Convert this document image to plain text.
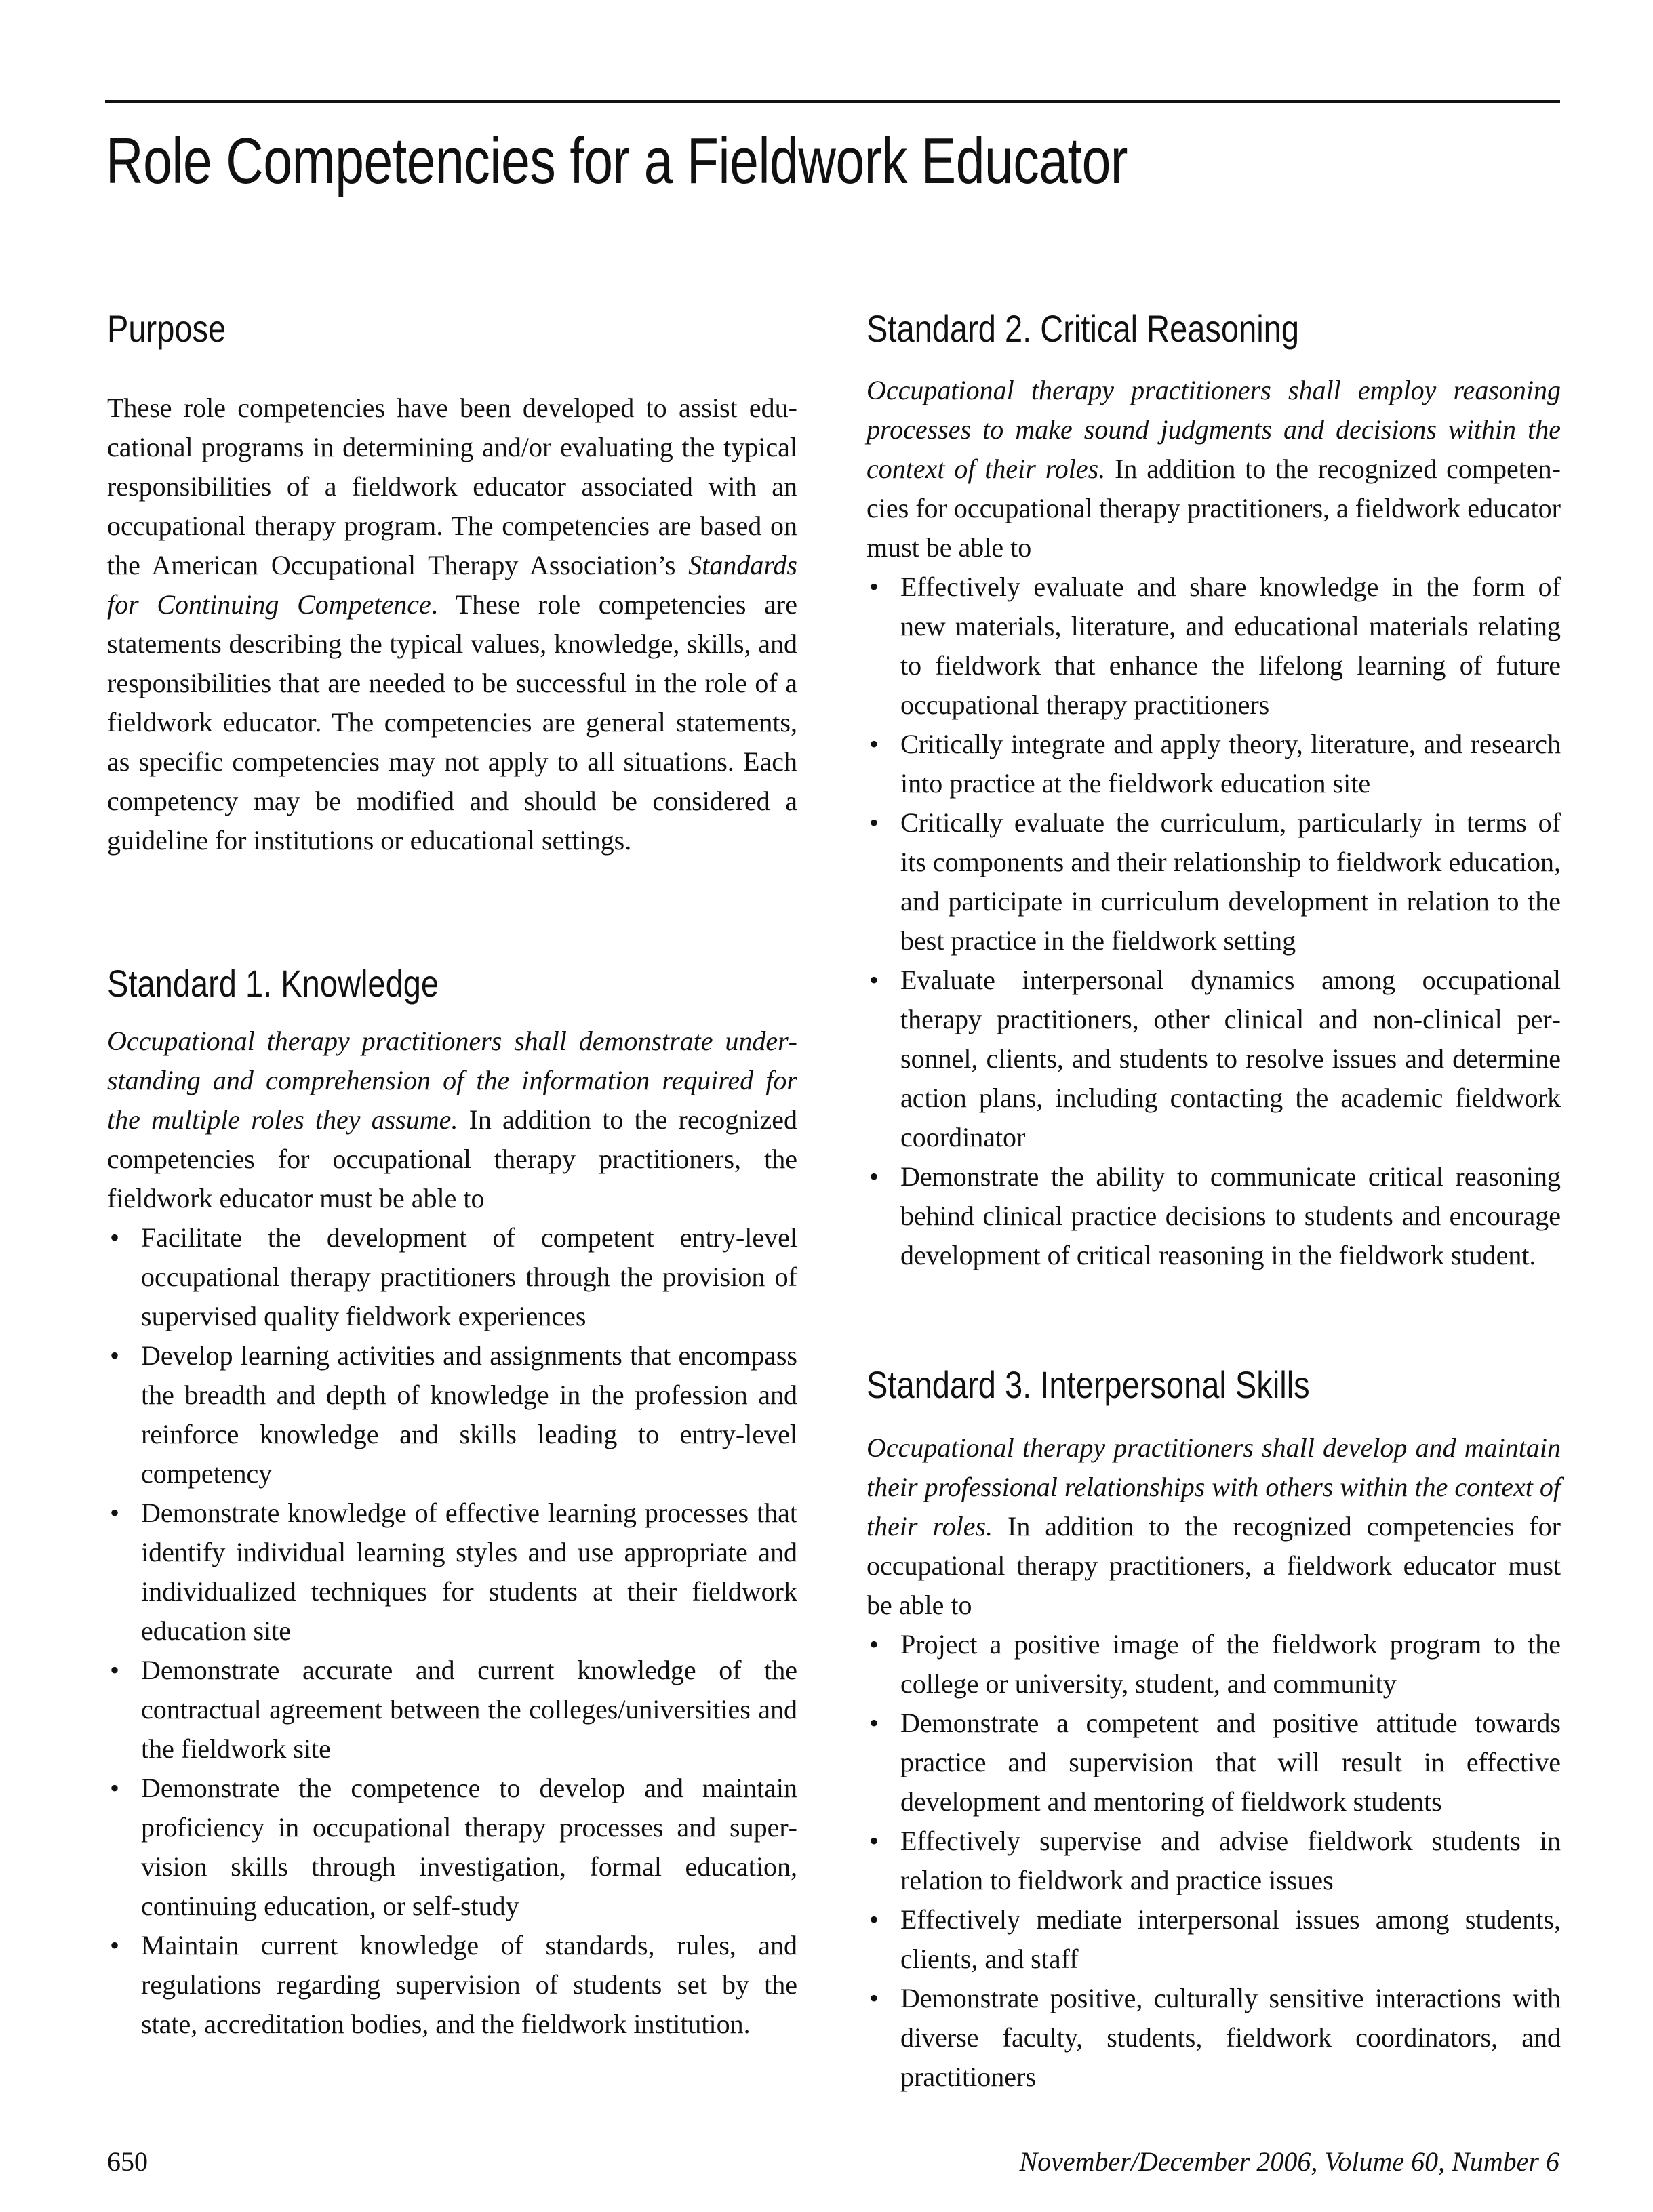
Role Competencies for a Fieldwork Educator
Purpose

These role competencies have been developed to assist educational programs in determining and/or evaluating the typical responsibilities of a fieldwork educator associated with an occupational therapy program. The competencies are based on the American Occupational Therapy Association’s Standards for Continuing Competence. These role competencies are statements describing the typical values, knowledge, skills, and responsibilities that are needed to be successful in the role of a fieldwork educator. The competencies are general statements, as specific competencies may not apply to all situations. Each competency may be modified and should be considered a guideline for institutions or educational settings.

Standard 1. Knowledge

Occupational therapy practitioners shall demonstrate understanding and comprehension of the information required for the multiple roles they assume. In addition to the recognized competencies for occupational therapy practitioners, the fieldwork educator must be able to

• Facilitate the development of competent entry-level occupational therapy practitioners through the provision of supervised quality fieldwork experiences
• Develop learning activities and assignments that encompass the breadth and depth of knowledge in the profession and reinforce knowledge and skills leading to entry-level competency
• Demonstrate knowledge of effective learning processes that identify individual learning styles and use appropriate and individualized techniques for students at their fieldwork education site
• Demonstrate accurate and current knowledge of the contractual agreement between the colleges/universities and the fieldwork site
• Demonstrate the competence to develop and maintain proficiency in occupational therapy processes and supervision skills through investigation, formal education, continuing education, or self-study
• Maintain current knowledge of standards, rules, and regulations regarding supervision of students set by the state, accreditation bodies, and the fieldwork institution.
Standard 2. Critical Reasoning

Occupational therapy practitioners shall employ reasoning processes to make sound judgments and decisions within the context of their roles. In addition to the recognized competencies for occupational therapy practitioners, a fieldwork educator must be able to

• Effectively evaluate and share knowledge in the form of new materials, literature, and educational materials relating to fieldwork that enhance the lifelong learning of future occupational therapy practitioners
• Critically integrate and apply theory, literature, and research into practice at the fieldwork education site
• Critically evaluate the curriculum, particularly in terms of its components and their relationship to fieldwork education, and participate in curriculum development in relation to the best practice in the fieldwork setting
• Evaluate interpersonal dynamics among occupational therapy practitioners, other clinical and non-clinical personnel, clients, and students to resolve issues and determine action plans, including contacting the academic fieldwork coordinator
• Demonstrate the ability to communicate critical reasoning behind clinical practice decisions to students and encourage development of critical reasoning in the fieldwork student.
Standard 3. Interpersonal Skills

Occupational therapy practitioners shall develop and maintain their professional relationships with others within the context of their roles. In addition to the recognized competencies for occupational therapy practitioners, a fieldwork educator must be able to

• Project a positive image of the fieldwork program to the college or university, student, and community
• Demonstrate a competent and positive attitude towards practice and supervision that will result in effective development and mentoring of fieldwork students
• Effectively supervise and advise fieldwork students in relation to fieldwork and practice issues
• Effectively mediate interpersonal issues among students, clients, and staff
• Demonstrate positive, culturally sensitive interactions with diverse faculty, students, fieldwork coordinators, and practitioners
650	November/December 2006, Volume 60, Number 6
